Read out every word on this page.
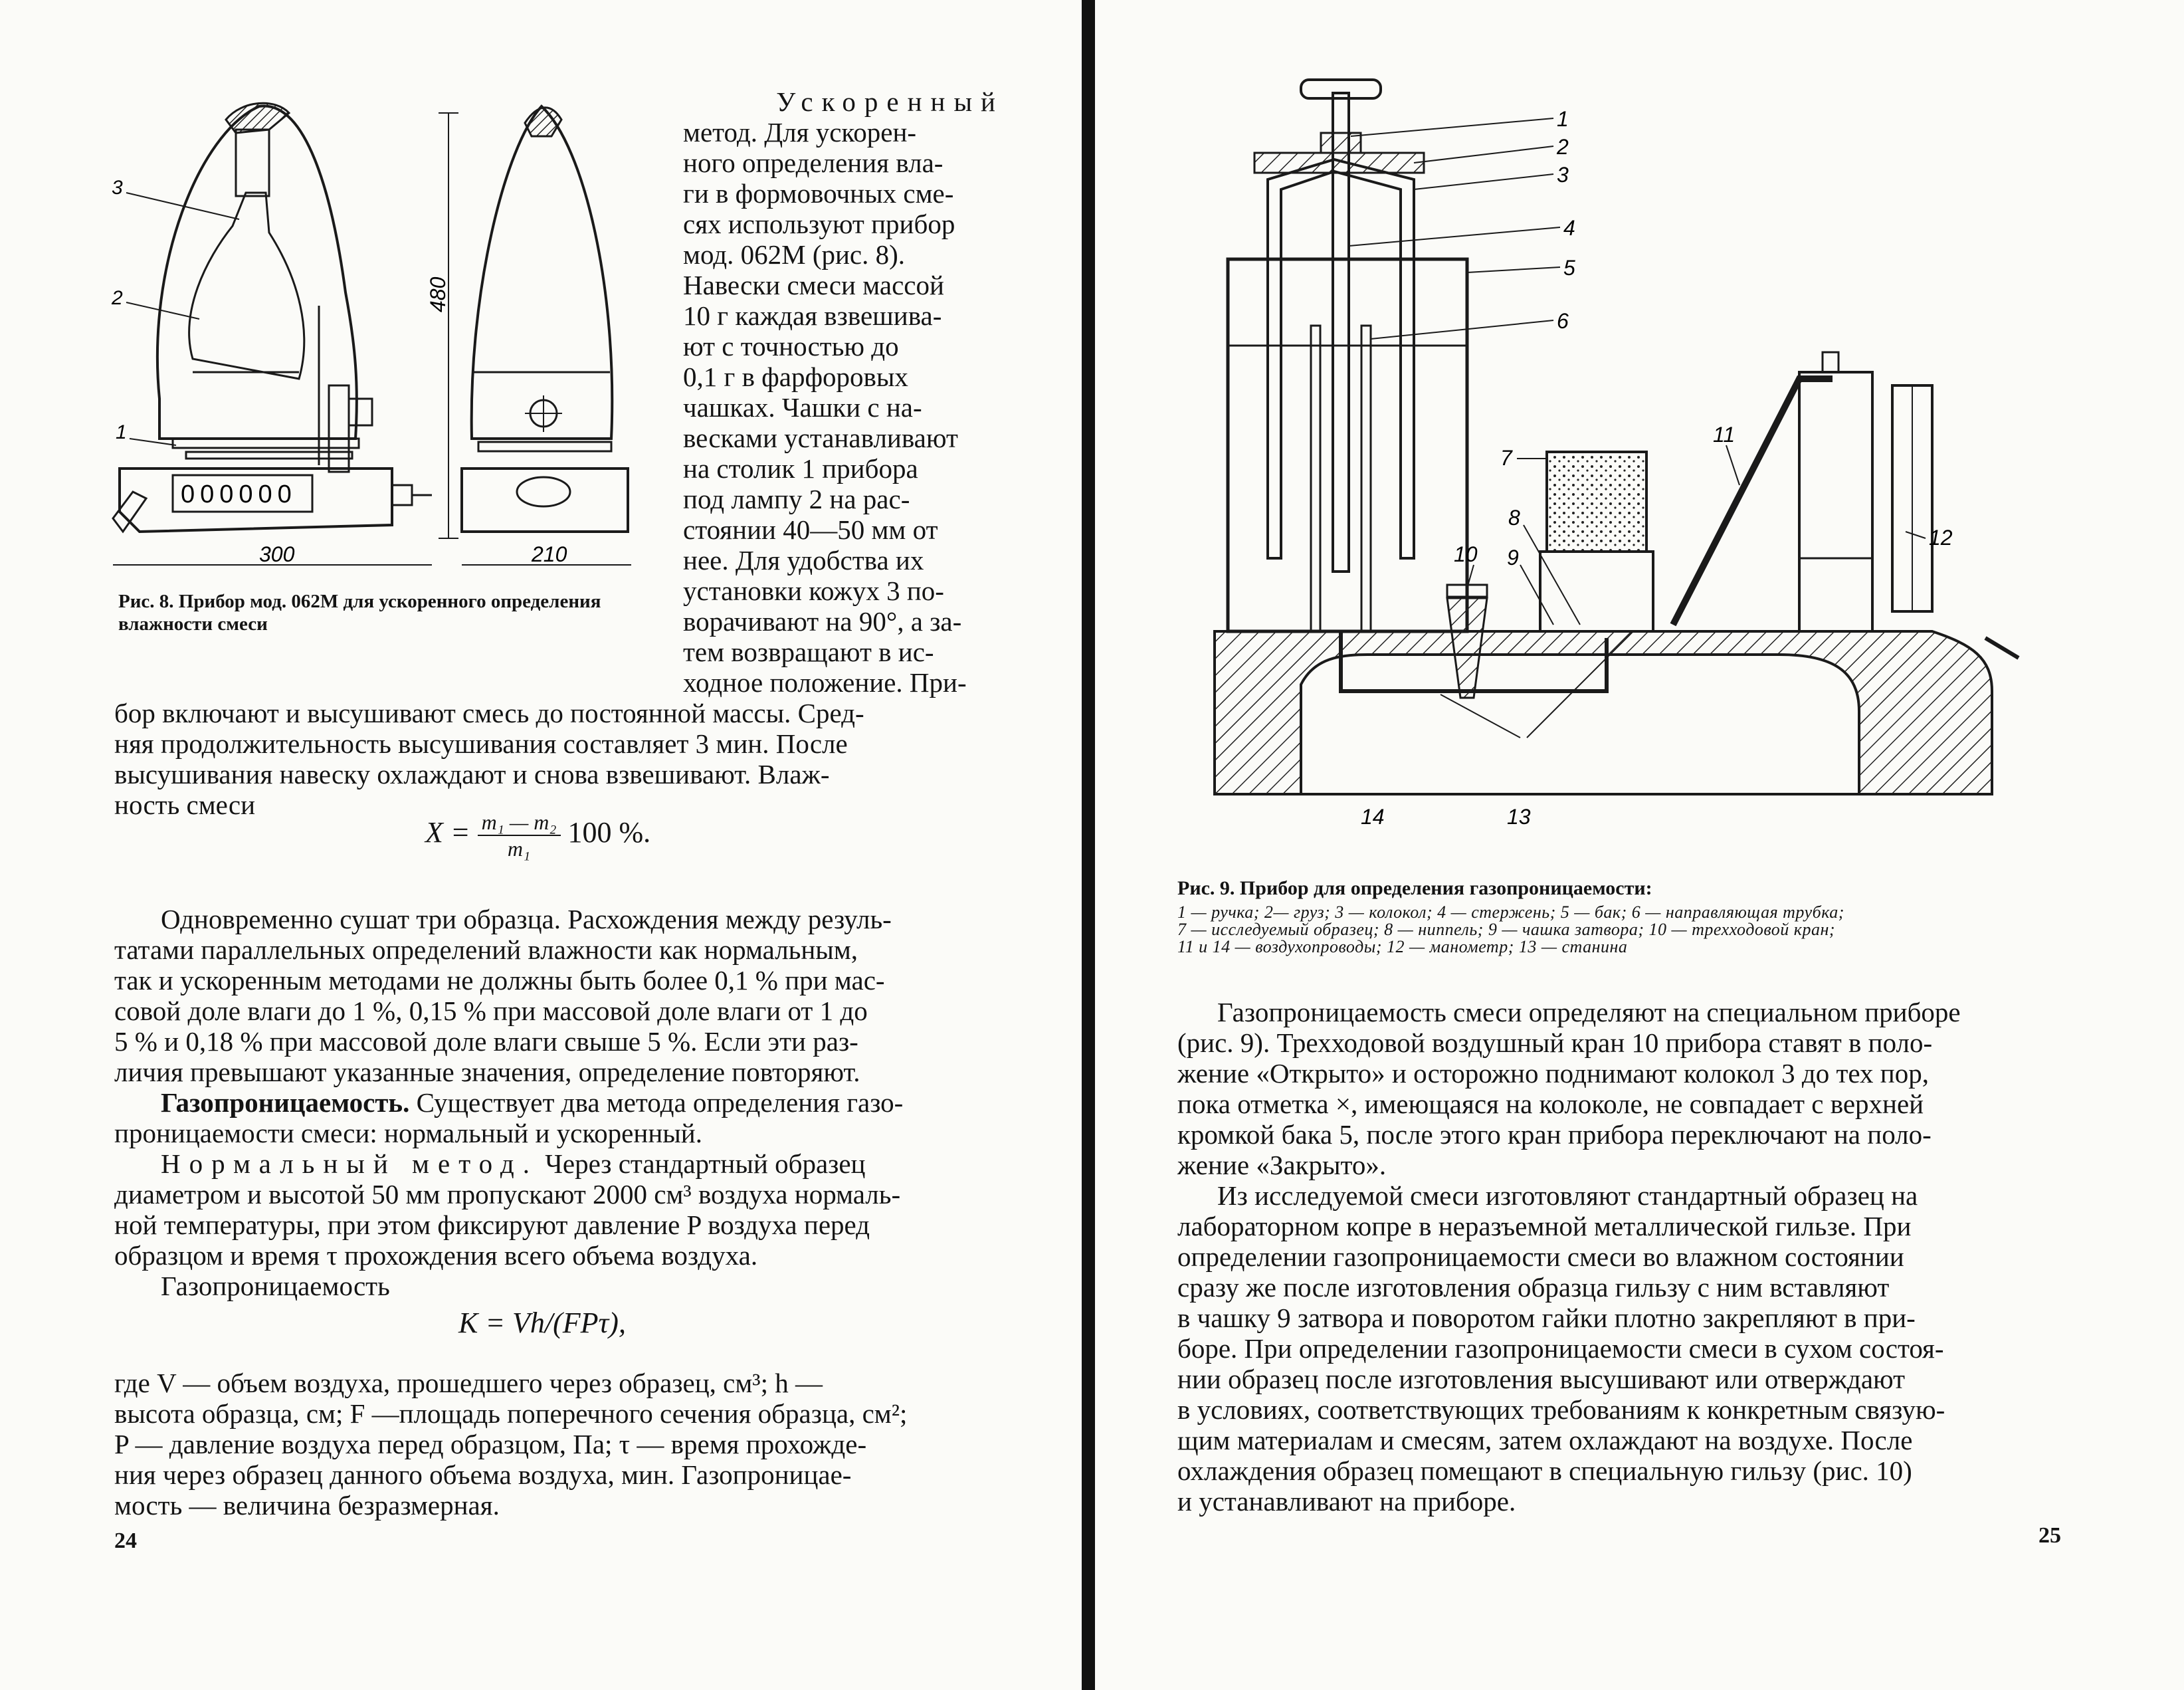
000000
3
2
1
480
300	210

Рис. 8. Прибор мод. 062М для ускоренного определения влажности смеси

Ускоренный

метод. Для ускорен-

ного определения вла-

ги в формовочных сме-

сях используют прибор

мод. 062М (рис. 8).

Навески смеси массой

10 г каждая взвешива-

ют с точностью до

0,1 г в фарфоровых

чашках. Чашки с на-

весками устанавливают

на столик 1 прибора

под лампу 2 на рас-

стоянии 40—50 мм от

нее. Для удобства их

установки кожух 3 по-

ворачивают на 90°, а за-

тем возвращают в ис-

ходное положение. При-

бор включают и высушивают смесь до постоянной массы. Сред-

няя продолжительность высушивания составляет 3 мин. После

высушивания навеску охлаждают и снова взвешивают. Влаж-

ность смеси

$X = \frac{\text{m₁ — m₂}}{\text{m₁}} 100$ %.

Одновременно сушат три образца. Расхождения между резуль-

татами параллельных определений влажности как нормальным,

так и ускоренным методами не должны быть более 0,1 % при мас-

совой доле влаги до 1 %, 0,15 % при массовой доле влаги от 1 до

5 % и 0,18 % при массовой доле влаги свыше 5 %. Если эти раз-

личия превышают указанные значения, определение повторяют.

Газопроницаемость. Существует два метода определения газо-

проницаемости смеси: нормальный и ускоренный.

Нормальный метод. Через стандартный образец

диаметром и высотой 50 мм пропускают 2000 см³ воздуха нормаль-

ной температуры, при этом фиксируют давление P воздуха перед

образцом и время τ прохождения всего объема воздуха.

Газопроницаемость

K = Vh/(FPτ),

где V — объем воздуха, прошедшего через образец, см³; h —

высота образца, см; F —площадь поперечного сечения образца, см²;

P — давление воздуха перед образцом, Па; τ — время прохожде-

ния через образец данного объема воздуха, мин. Газопроницае-

мость — величина безразмерная.

24
1
2
3
4
5
6
7
8
9
10
11
12
13
14

Рис. 9. Прибор для определения газопроницаемости:

1 — ручка; 2— груз; 3 — колокол; 4 — стержень; 5 — бак; 6 — направляющая трубка;
7 — исследуемый образец; 8 — ниппель; 9 — чашка затвора; 10 — трехходовой кран;
11 и 14 — воздухопроводы; 12 — манометр; 13 — станина

Газопроницаемость смеси определяют на специальном приборе

(рис. 9). Трехходовой воздушный кран 10 прибора ставят в поло-

жение «Открыто» и осторожно поднимают колокол 3 до тех пор,

пока отметка ×, имеющаяся на колоколе, не совпадает с верхней

кромкой бака 5, после этого кран прибора переключают на поло-

жение «Закрыто».

Из исследуемой смеси изготовляют стандартный образец на

лабораторном копре в неразъемной металлической гильзе. При

определении газопроницаемости смеси во влажном состоянии

сразу же после изготовления образца гильзу с ним вставляют

в чашку 9 затвора и поворотом гайки плотно закрепляют в при-

боре. При определении газопроницаемости смеси в сухом состоя-

нии образец после изготовления высушивают или отверждают

в условиях, соответствующих требованиям к конкретным связую-

щим материалам и смесям, затем охлаждают на воздухе. После

охлаждения образец помещают в специальную гильзу (рис. 10)

и устанавливают на приборе.

25
